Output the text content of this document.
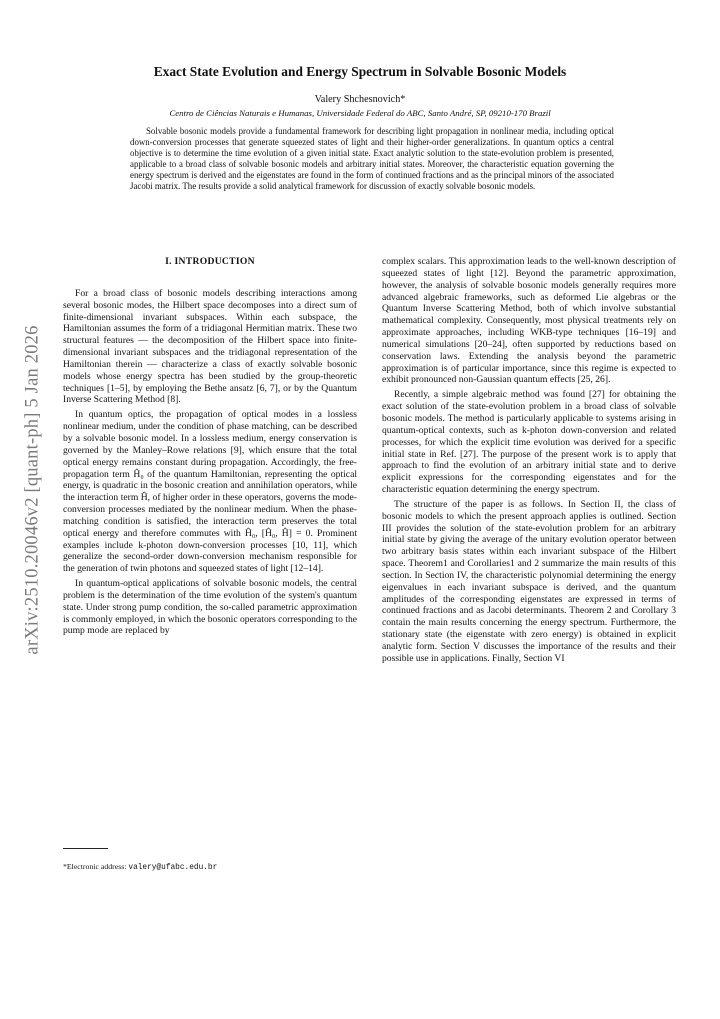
Exact State Evolution and Energy Spectrum in Solvable Bosonic Models
Valery Shchesnovich*
Centro de Ciências Naturais e Humanas, Universidade Federal do ABC, Santo André, SP, 09210-170 Brazil
Solvable bosonic models provide a fundamental framework for describing light propagation in nonlinear media, including optical down-conversion processes that generate squeezed states of light and their higher-order generalizations. In quantum optics a central objective is to determine the time evolution of a given initial state. Exact analytic solution to the state-evolution problem is presented, applicable to a broad class of solvable bosonic models and arbitrary initial states. Moreover, the characteristic equation governing the energy spectrum is derived and the eigenstates are found in the form of continued fractions and as the principal minors of the associated Jacobi matrix. The results provide a solid analytical framework for discussion of exactly solvable bosonic models.
arXiv:2510.20046v2 [quant-ph] 5 Jan 2026
I. INTRODUCTION

For a broad class of bosonic models describing interactions among several bosonic modes, the Hilbert space decomposes into a direct sum of finite-dimensional invariant subspaces. Within each subspace, the Hamiltonian assumes the form of a tridiagonal Hermitian matrix. These two structural features — the decomposition of the Hilbert space into finite-dimensional invariant subspaces and the tridiagonal representation of the Hamiltonian therein — characterize a class of exactly solvable bosonic models whose energy spectra has been studied by the group-theoretic techniques [1–5], by employing the Bethe ansatz [6, 7], or by the Quantum Inverse Scattering Method [8].

In quantum optics, the propagation of optical modes in a lossless nonlinear medium, under the condition of phase matching, can be described by a solvable bosonic model. In a lossless medium, energy conservation is governed by the Manley–Rowe relations [9], which ensure that the total optical energy remains constant during propagation. Accordingly, the free-propagation term Ĥ₀ of the quantum Hamiltonian, representing the optical energy, is quadratic in the bosonic creation and annihilation operators, while the interaction term Ĥ, of higher order in these operators, governs the mode-conversion processes mediated by the nonlinear medium. When the phase-matching condition is satisfied, the interaction term preserves the total optical energy and therefore commutes with Ĥ₀, [Ĥ₀, Ĥ] = 0. Prominent examples include k-photon down-conversion processes [10, 11], which generalize the second-order down-conversion mechanism responsible for the generation of twin photons and squeezed states of light [12–14].

In quantum-optical applications of solvable bosonic models, the central problem is the determination of the time evolution of the system's quantum state. Under strong pump condition, the so-called parametric approximation is commonly employed, in which the bosonic operators corresponding to the pump mode are replaced by

complex scalars. This approximation leads to the well-known description of squeezed states of light [12]. Beyond the parametric approximation, however, the analysis of solvable bosonic models generally requires more advanced algebraic frameworks, such as deformed Lie algebras or the Quantum Inverse Scattering Method, both of which involve substantial mathematical complexity. Consequently, most physical treatments rely on approximate approaches, including WKB-type techniques [16–19] and numerical simulations [20–24], often supported by reductions based on conservation laws. Extending the analysis beyond the parametric approximation is of particular importance, since this regime is expected to exhibit pronounced non-Gaussian quantum effects [25, 26].

Recently, a simple algebraic method was found [27] for obtaining the exact solution of the state-evolution problem in a broad class of solvable bosonic models. The method is particularly applicable to systems arising in quantum-optical contexts, such as k-photon down-conversion and related processes, for which the explicit time evolution was derived for a specific initial state in Ref. [27]. The purpose of the present work is to apply that approach to find the evolution of an arbitrary initial state and to derive explicit expressions for the corresponding eigenstates and for the characteristic equation determining the energy spectrum.

The structure of the paper is as follows. In Section II, the class of bosonic models to which the present approach applies is outlined. Section III provides the solution of the state-evolution problem for an arbitrary initial state by giving the average of the unitary evolution operator between two arbitrary basis states within each invariant subspace of the Hilbert space. Theorem1 and Corollaries1 and 2 summarize the main results of this section. In Section IV, the characteristic polynomial determining the energy eigenvalues in each invariant subspace is derived, and the quantum amplitudes of the corresponding eigenstates are expressed in terms of continued fractions and as Jacobi determinants. Theorem 2 and Corollary 3 contain the main results concerning the energy spectrum. Furthermore, the stationary state (the eigenstate with zero energy) is obtained in explicit analytic form. Section V discusses the importance of the results and their possible use in applications. Finally, Section VI

*Electronic address: valery@ufabc.edu.br
